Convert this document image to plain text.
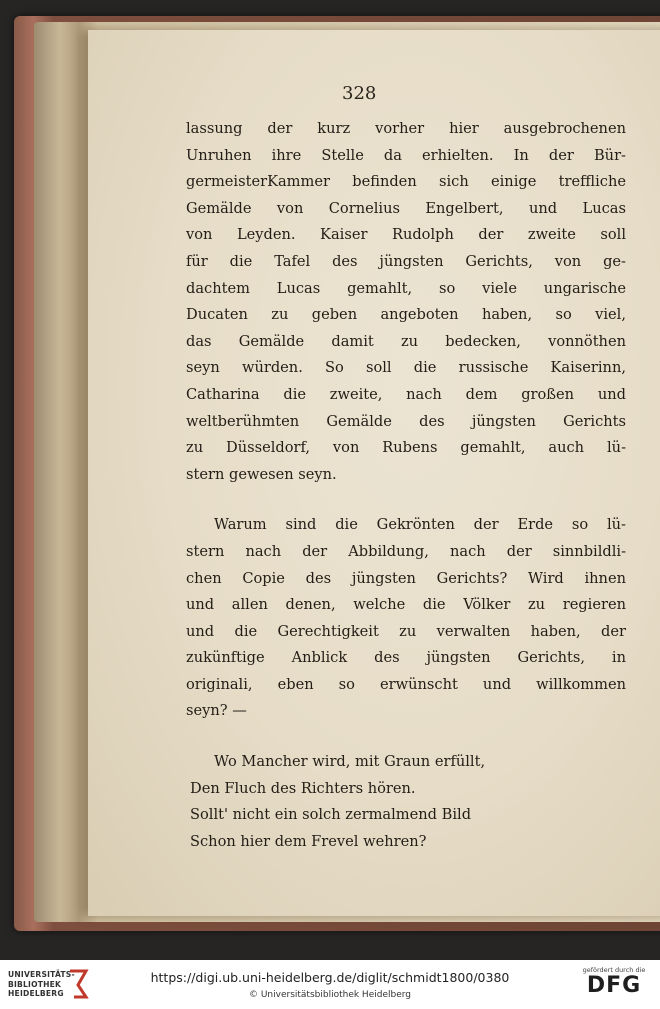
328
lassung der kurz vorher hier ausgebrochenen
Unruhen ihre Stelle da erhielten. In der Bür-
germeisterKammer befinden sich einige treffliche
Gemälde von Cornelius Engelbert, und Lucas
von Leyden. Kaiser Rudolph der zweite soll
für die Tafel des jüngsten Gerichts, von ge-
dachtem Lucas gemahlt, so viele ungarische
Ducaten zu geben angeboten haben, so viel,
das Gemälde damit zu bedecken, vonnöthen
seyn würden. So soll die russische Kaiserinn,
Catharina die zweite, nach dem großen und
weltberühmten Gemälde des jüngsten Gerichts
zu Düsseldorf, von Rubens gemahlt, auch lü-
stern gewesen seyn.
Warum sind die Gekrönten der Erde so lü-
stern nach der Abbildung, nach der sinnbildli-
chen Copie des jüngsten Gerichts? Wird ihnen
und allen denen, welche die Völker zu regieren
und die Gerechtigkeit zu verwalten haben, der
zukünftige Anblick des jüngsten Gerichts, in
originali, eben so erwünscht und willkommen
seyn? —
Wo Mancher wird, mit Graun erfüllt,
Den Fluch des Richters hören.
Sollt' nicht ein solch zermalmend Bild
Schon hier dem Frevel wehren?
UNIVERSITÄTS-
BIBLIOTHEK
HEIDELBERG
https://digi.ub.uni-heidelberg.de/diglit/schmidt1800/0380
© Universitätsbibliothek Heidelberg
gefördert durch die
DFG
